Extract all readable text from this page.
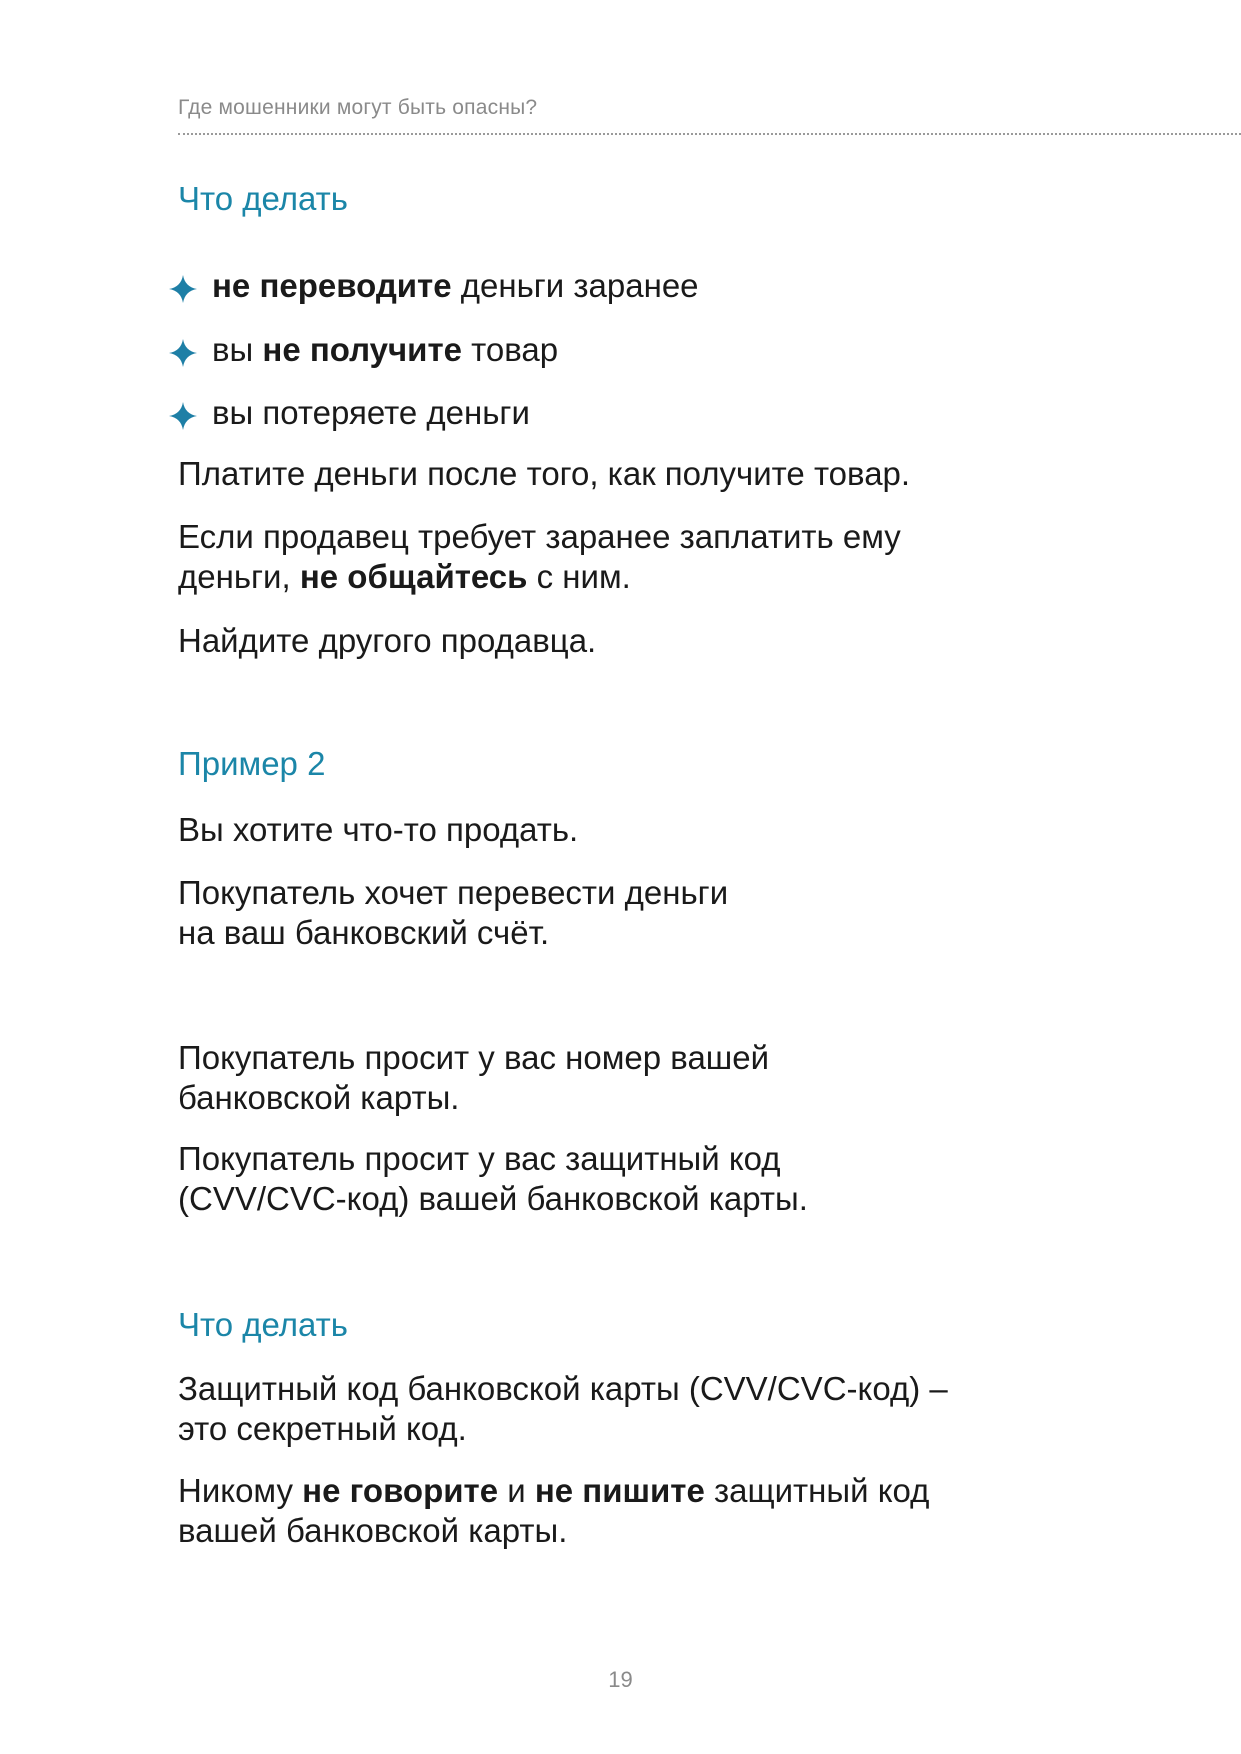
Где мошенники могут быть опасны?
Что делать
не переводите деньги заранее
вы не получите товар
вы потеряете деньги
Платите деньги после того, как получите товар.
Если продавец требует заранее заплатить ему
деньги, не общайтесь с ним.
Найдите другого продавца.
Пример 2
Вы хотите что-то продать.
Покупатель хочет перевести деньги
на ваш банковский счёт.
Покупатель просит у вас номер вашей
банковской карты.
Покупатель просит у вас защитный код
(CVV/CVC-код) вашей банковской карты.
Что делать
Защитный код банковской карты (CVV/CVC-код) –
это секретный код.
Никому не говорите и не пишите защитный код
вашей банковской карты.
19
